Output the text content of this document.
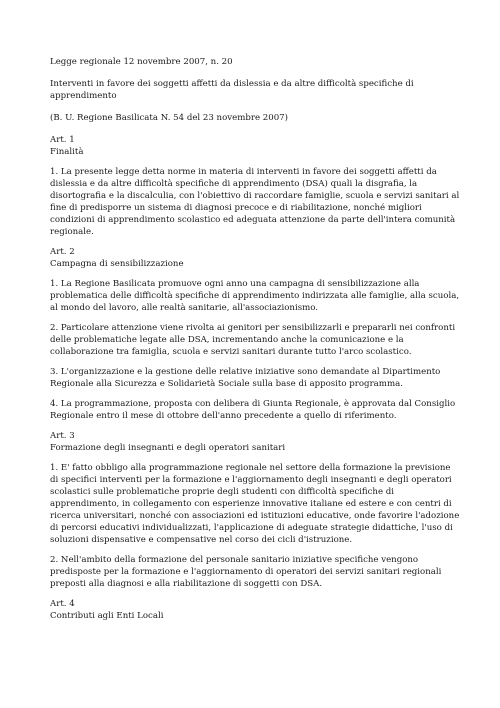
Legge regionale 12 novembre 2007, n. 20

Interventi in favore dei soggetti affetti da dislessia e da altre difficoltà specifiche di apprendimento

(B. U. Regione Basilicata N. 54 del 23 novembre 2007)

Art. 1

Finalità

1. La presente legge detta norme in materia di interventi in favore dei soggetti affetti da dislessia e da altre difficoltà specifiche di apprendimento (DSA) quali la disgrafia, la disortografia e la discalculia, con l'obiettivo di raccordare famiglie, scuola e servizi sanitari al fine di predisporre un sistema di diagnosi precoce e di riabilitazione, nonché migliori condizioni di apprendimento scolastico ed adeguata attenzione da parte dell'intera comunità regionale.

Art. 2

Campagna di sensibilizzazione

1. La Regione Basilicata promuove ogni anno una campagna di sensibilizzazione alla problematica delle difficoltà specifiche di apprendimento indirizzata alle famiglie, alla scuola, al mondo del lavoro, alle realtà sanitarie, all'associazionismo.

2. Particolare attenzione viene rivolta ai genitori per sensibilizzarli e prepararli nei confronti delle problematiche legate alle DSA, incrementando anche la comunicazione e la collaborazione tra famiglia, scuola e servizi sanitari durante tutto l'arco scolastico.

3. L'organizzazione e la gestione delle relative iniziative sono demandate al Dipartimento Regionale alla Sicurezza e Solidarietà Sociale sulla base di apposito programma.

4. La programmazione, proposta con delibera di Giunta Regionale, è approvata dal Consiglio Regionale entro il mese di ottobre dell'anno precedente a quello di riferimento.

Art. 3

Formazione degli insegnanti e degli operatori sanitari

1. E' fatto obbligo alla programmazione regionale nel settore della formazione la previsione di specifici interventi per la formazione e l'aggiornamento degli insegnanti e degli operatori scolastici sulle problematiche proprie degli studenti con difficoltà specifiche di apprendimento, in collegamento con esperienze innovative italiane ed estere e con centri di ricerca universitari, nonché con associazioni ed istituzioni educative, onde favorire l'adozione di percorsi educativi individualizzati, l'applicazione di adeguate strategie didattiche, l'uso di soluzioni dispensative e compensative nel corso dei cicli d'istruzione.

2. Nell'ambito della formazione del personale sanitario iniziative specifiche vengono predisposte per la formazione e l'aggiornamento di operatori dei servizi sanitari regionali preposti alla diagnosi e alla riabilitazione di soggetti con DSA.

Art. 4

Contributi agli Enti Locali
